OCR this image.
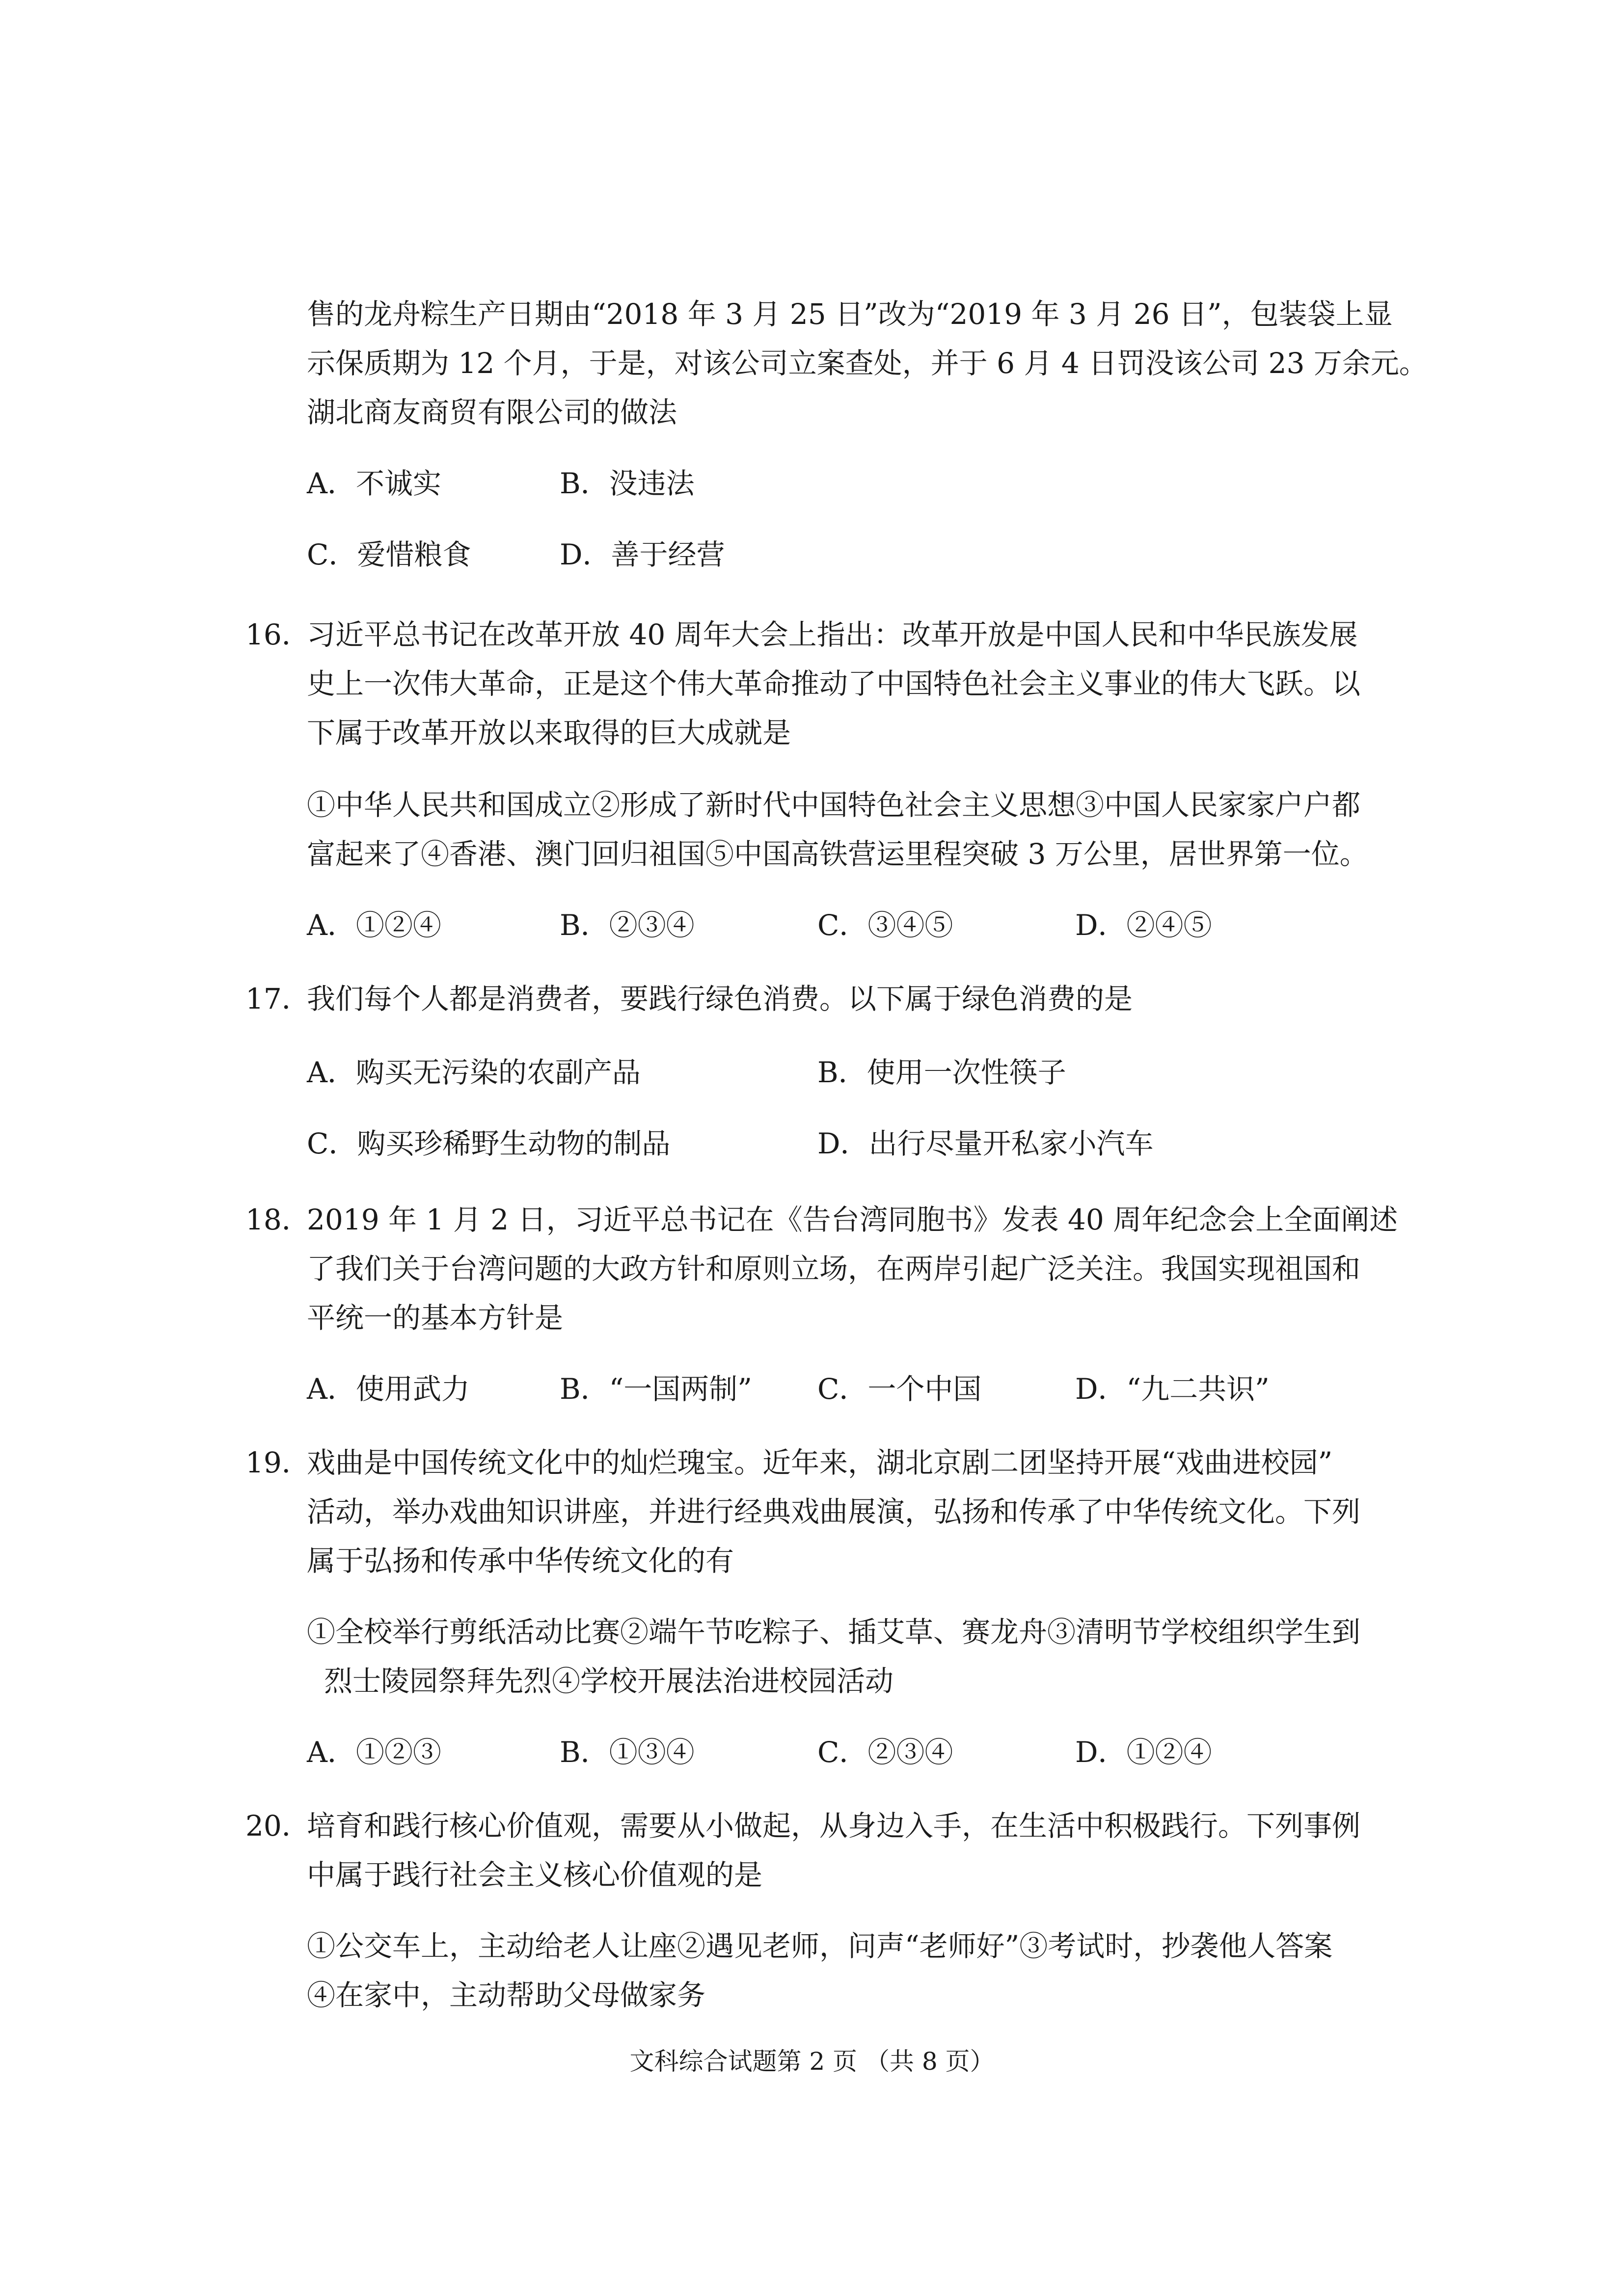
售的龙舟粽生产日期由“2018 年 3 月 25 日”改为“2019 年 3 月 26 日”，包装袋上显
示保质期为 12 个月，于是，对该公司立案查处，并于 6 月 4 日罚没该公司 23 万余元。
湖北商友商贸有限公司的做法
A．不诚实	B．没违法
C．爱惜粮食	D．善于经营
16．
习近平总书记在改革开放 40 周年大会上指出：改革开放是中国人民和中华民族发展
史上一次伟大革命，正是这个伟大革命推动了中国特色社会主义事业的伟大飞跃。以
下属于改革开放以来取得的巨大成就是
①中华人民共和国成立②形成了新时代中国特色社会主义思想③中国人民家家户户都
富起来了④香港、澳门回归祖国⑤中国高铁营运里程突破 3 万公里，居世界第一位。
A．①②④	B．②③④	C．③④⑤	D．②④⑤
17．
我们每个人都是消费者，要践行绿色消费。以下属于绿色消费的是
A．购买无污染的农副产品	B．使用一次性筷子
C．购买珍稀野生动物的制品	D．出行尽量开私家小汽车
18．
2019 年 1 月 2 日，习近平总书记在《告台湾同胞书》发表 40 周年纪念会上全面阐述
了我们关于台湾问题的大政方针和原则立场，在两岸引起广泛关注。我国实现祖国和
平统一的基本方针是
A．使用武力	B．“一国两制” C．一个中国	D．“九二共识”
19．
戏曲是中国传统文化中的灿烂瑰宝。近年来，湖北京剧二团坚持开展“戏曲进校园”
活动，举办戏曲知识讲座，并进行经典戏曲展演，弘扬和传承了中华传统文化。下列
属于弘扬和传承中华传统文化的有
①全校举行剪纸活动比赛②端午节吃粽子、插艾草、赛龙舟③清明节学校组织学生到
烈士陵园祭拜先烈④学校开展法治进校园活动
A．①②③	B．①③④	C．②③④	D．①②④
20．
培育和践行核心价值观，需要从小做起，从身边入手，在生活中积极践行。下列事例
中属于践行社会主义核心价值观的是
①公交车上，主动给老人让座②遇见老师，问声“老师好”③考试时，抄袭他人答案
④在家中，主动帮助父母做家务
文科综合试题第 2 页 （共 8 页）
